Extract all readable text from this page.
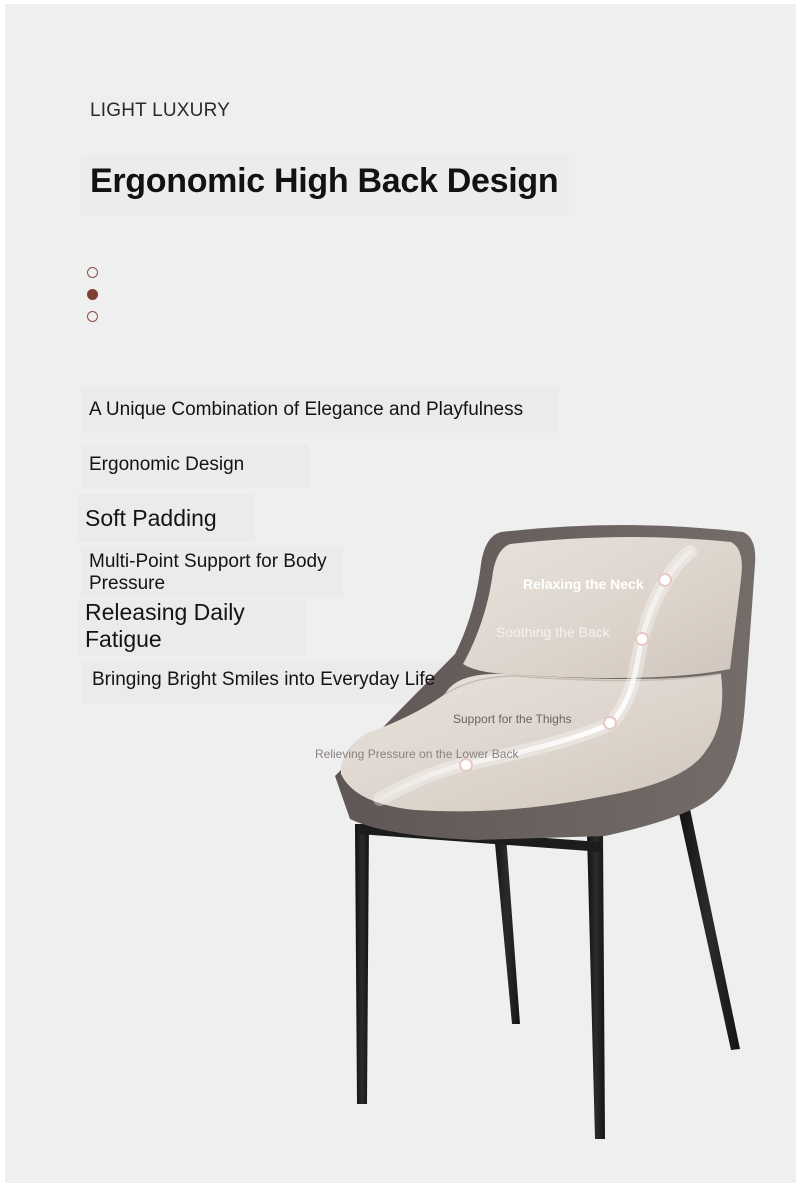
LIGHT LUXURY
Ergonomic High Back Design
Relaxing the Neck
Soothing the Back
Support for the Thighs
Relieving Pressure on the Lower Back
A Unique Combination of Elegance and Playfulness
Ergonomic Design
Soft Padding
Multi-Point Support for Body Pressure
Releasing Daily Fatigue
Bringing Bright Smiles into Everyday Life
